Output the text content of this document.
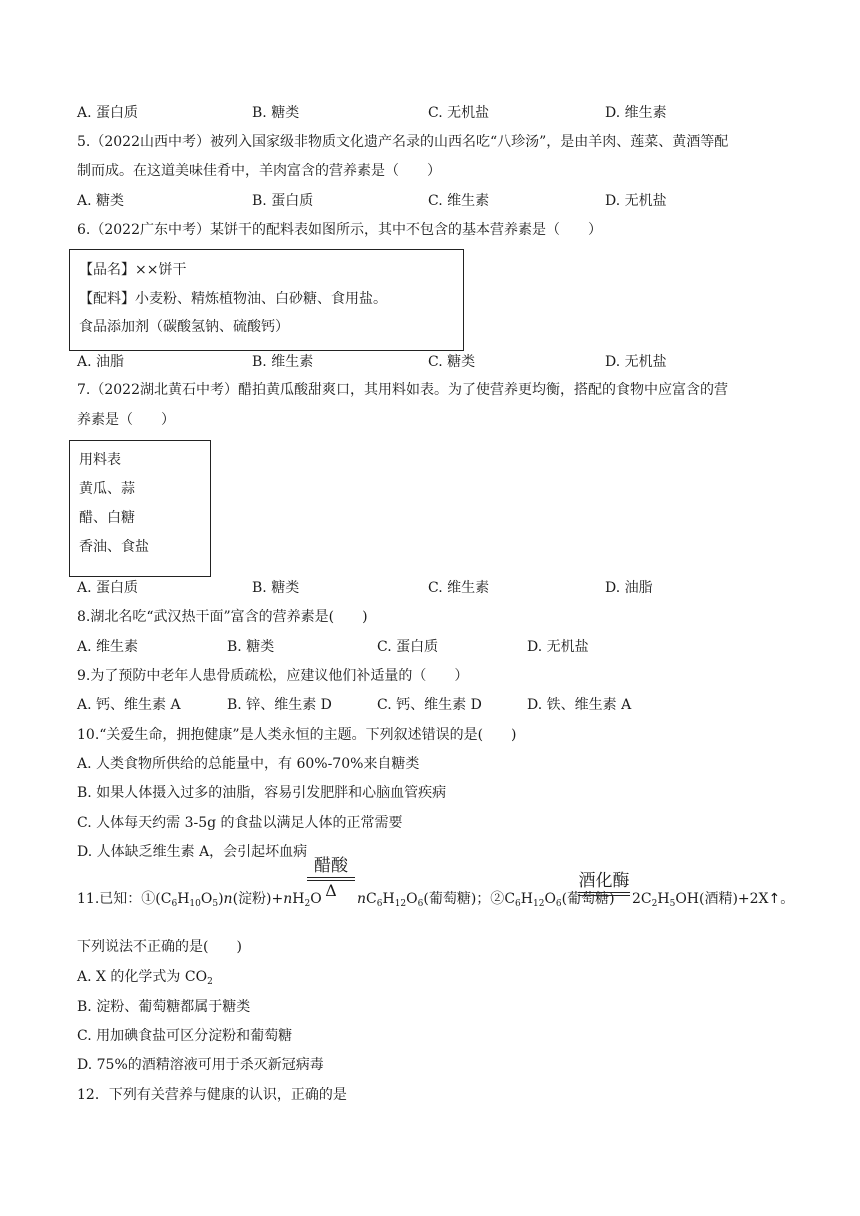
A. 蛋白质	B. 糖类	C. 无机盐	D. 维生素
5.（2022山西中考）被列入国家级非物质文化遗产名录的山西名吃“八珍汤”，是由羊肉、莲菜、黄酒等配
制而成。在这道美味佳肴中，羊肉富含的营养素是（　　）
A. 糖类	B. 蛋白质	C. 维生素	D. 无机盐
6.（2022广东中考）某饼干的配料表如图所示，其中不包含的基本营养素是（　　）
【品名】××饼干
【配料】小麦粉、精炼植物油、白砂糖、食用盐。
食品添加剂（碳酸氢钠、硫酸钙）
A. 油脂	B. 维生素	C. 糖类	D. 无机盐
7.（2022湖北黄石中考）醋拍黄瓜酸甜爽口，其用料如表。为了使营养更均衡，搭配的食物中应富含的营
养素是（　　）
用料表
黄瓜、蒜
醋、白糖
香油、食盐
A. 蛋白质	B. 糖类	C. 维生素	D. 油脂
8.湖北名吃“武汉热干面”富含的营养素是(　　)
A. 维生素	B. 糖类	C. 蛋白质	D. 无机盐
9.为了预防中老年人患骨质疏松，应建议他们补适量的（　　）
A. 钙、维生素 A	B. 锌、维生素 D	C. 钙、维生素 D	D. 铁、维生素 A
10.“关爱生命，拥抱健康”是人类永恒的主题。下列叙述错误的是(　　)
A. 人类食物所供给的总能量中，有 60%-70%来自糖类
B. 如果人体摄入过多的油脂，容易引发肥胖和心脑血管疾病
C. 人体每天约需 3-5g 的食盐以满足人体的正常需要
D. 人体缺乏维生素 A，会引起坏血病
11.已知：$①(C_6H_{10}O_5)n$(淀粉)$+nH_2O$
醋酸
Δ	$nC_6H_{12}O_6$(葡萄糖)；$②C_6H_{12}O_6$(葡萄糖)
酒化酶
$2C_2H_5OH$(酒精)+2X↑。
下列说法不正确的是(　　)
A. X 的化学式为 $CO_2$
B. 淀粉、葡萄糖都属于糖类
C. 用加碘食盐可区分淀粉和葡萄糖
D. 75%的酒精溶液可用于杀灭新冠病毒
12．下列有关营养与健康的认识，正确的是
